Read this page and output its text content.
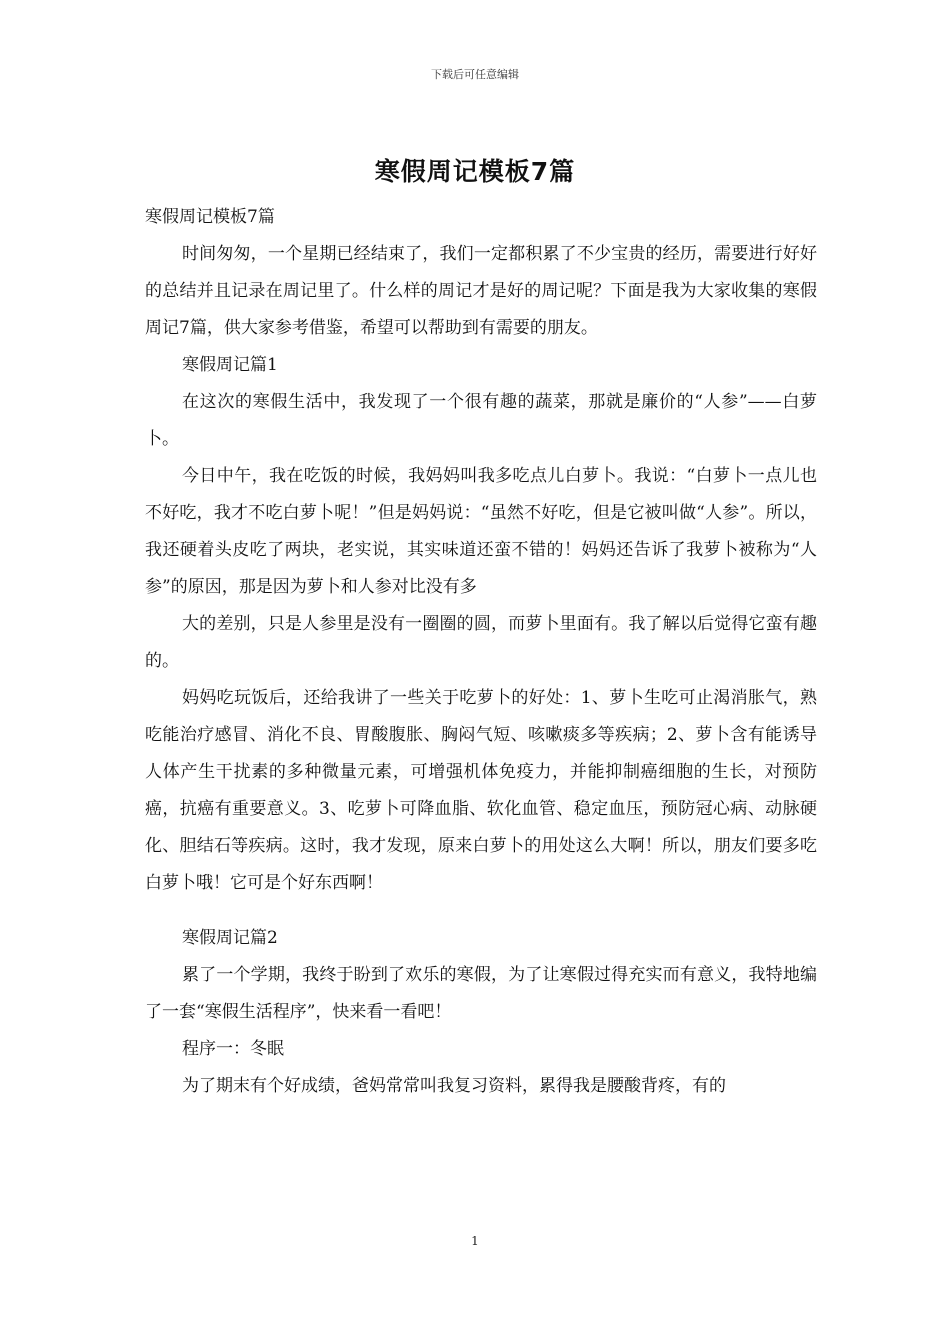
下载后可任意编辑
寒假周记模板7篇

寒假周记模板7篇

时间匆匆，一个星期已经结束了，我们一定都积累了不少宝贵的经历，需要进行好好的总结并且记录在周记里了。什么样的周记才是好的周记呢？下面是我为大家收集的寒假周记7篇，供大家参考借鉴，希望可以帮助到有需要的朋友。

寒假周记篇1

在这次的寒假生活中，我发现了一个很有趣的蔬菜，那就是廉价的“人参”——白萝卜。

今日中午，我在吃饭的时候，我妈妈叫我多吃点儿白萝卜。我说：“白萝卜一点儿也不好吃，我才不吃白萝卜呢！”但是妈妈说：“虽然不好吃，但是它被叫做“人参”。所以，我还硬着头皮吃了两块，老实说，其实味道还蛮不错的！妈妈还告诉了我萝卜被称为“人参”的原因，那是因为萝卜和人参对比没有多

大的差别，只是人参里是没有一圈圈的圆，而萝卜里面有。我了解以后觉得它蛮有趣的。

妈妈吃玩饭后，还给我讲了一些关于吃萝卜的好处：1、萝卜生吃可止渴消胀气，熟吃能治疗感冒、消化不良、胃酸腹胀、胸闷气短、咳嗽痰多等疾病；2、萝卜含有能诱导人体产生干扰素的多种微量元素，可增强机体免疫力，并能抑制癌细胞的生长，对预防癌，抗癌有重要意义。3、吃萝卜可降血脂、软化血管、稳定血压，预防冠心病、动脉硬化、胆结石等疾病。这时，我才发现，原来白萝卜的用处这么大啊！所以，朋友们要多吃白萝卜哦！它可是个好东西啊！

寒假周记篇2

累了一个学期，我终于盼到了欢乐的寒假，为了让寒假过得充实而有意义，我特地编了一套“寒假生活程序”，快来看一看吧！

程序一：冬眠

为了期末有个好成绩，爸妈常常叫我复习资料，累得我是腰酸背疼，有的

1
